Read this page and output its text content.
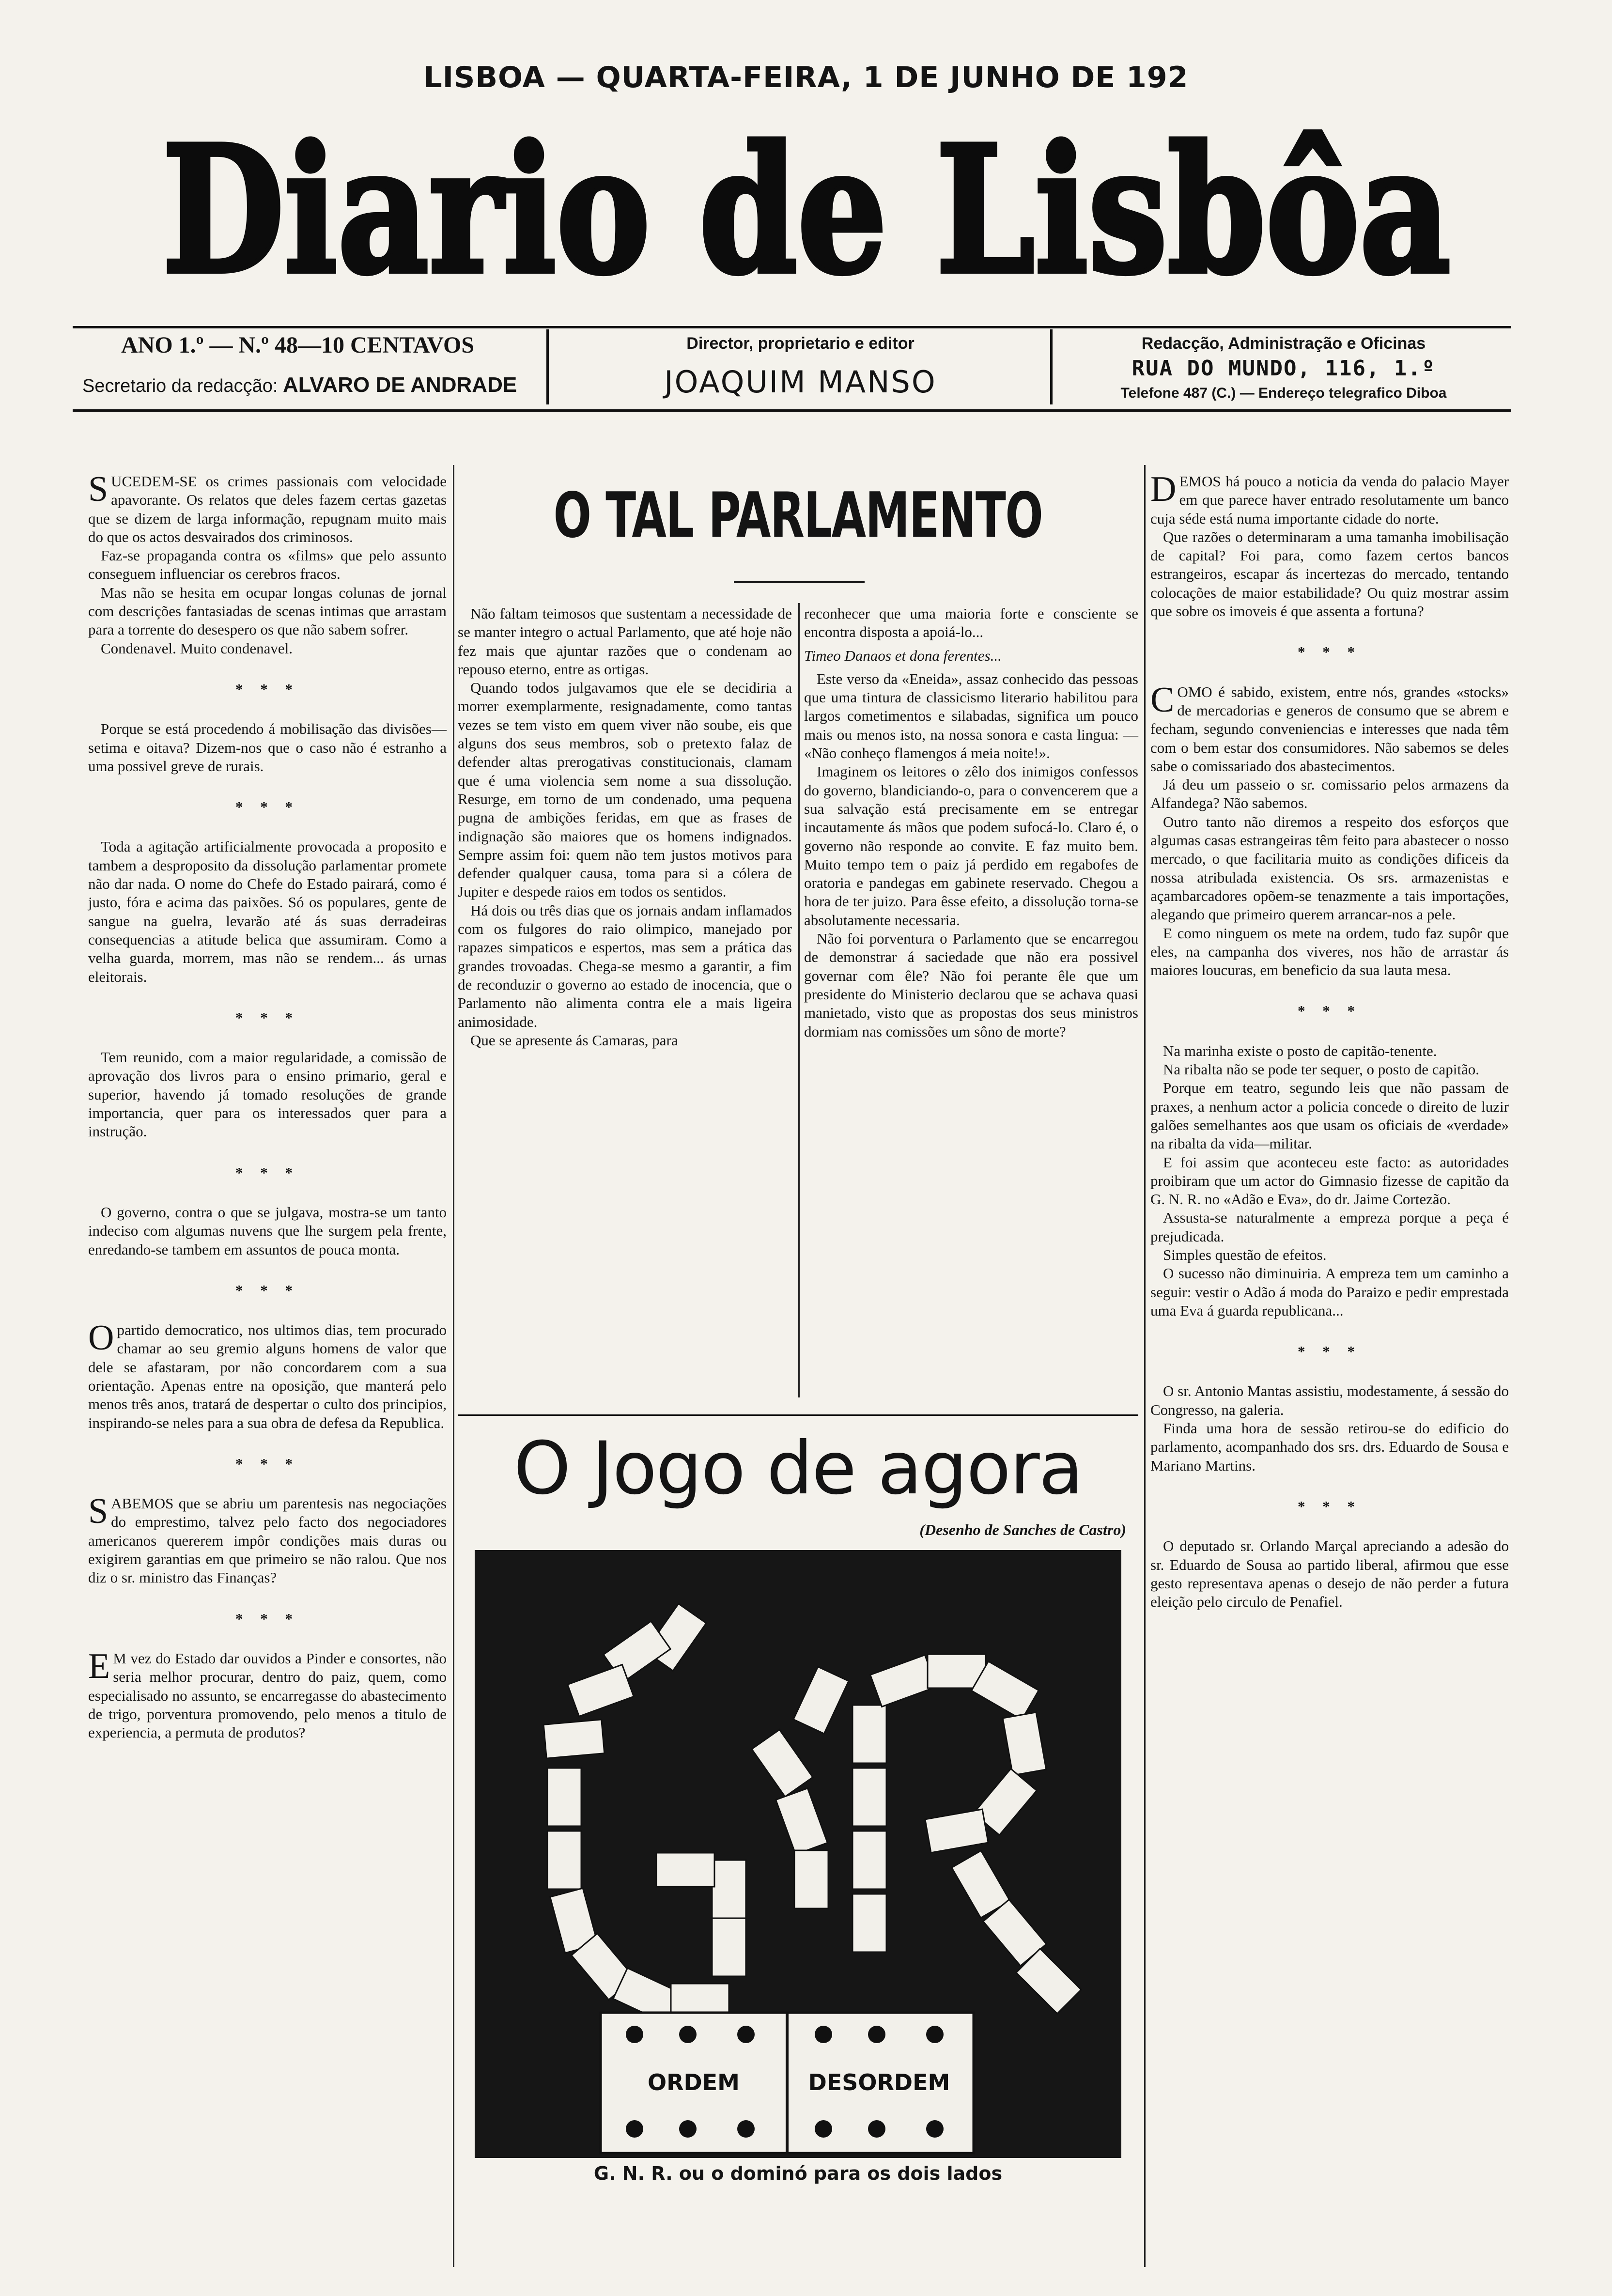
LISBOA — QUARTA-FEIRA, 1 DE JUNHO DE 192
Diario de Lisbôa
ANO 1.º — N.º 48—10 CENTAVOS
Secretario da redacção: ALVARO DE ANDRADE
Director, proprietario e editor
JOAQUIM MANSO
Redacção, Administração e Oficinas
RUA DO MUNDO, 116, 1.º
Telefone 487 (C.) — Endereço telegrafico Diboa

SUCEDEM-SE os crimes passionais com velocidade apavorante. Os relatos que deles fazem certas gazetas que se dizem de larga informação, repugnam muito mais do que os actos desvairados dos criminosos.

Faz-se propaganda contra os «films» que pelo assunto conseguem influenciar os cerebros fracos.

Mas não se hesita em ocupar longas colunas de jornal com descrições fantasiadas de scenas intimas que arrastam para a torrente do desespero os que não sabem sofrer.

Condenavel. Muito condenavel.

* * *

Porque se está procedendo á mobilisação das divisões—setima e oitava? Dizem-nos que o caso não é estranho a uma possivel greve de rurais.

* * *

Toda a agitação artificialmente provocada a proposito e tambem a desproposito da dissolução parlamentar promete não dar nada. O nome do Chefe do Estado pairará, como é justo, fóra e acima das paixões. Só os populares, gente de sangue na guelra, levarão até ás suas derradeiras consequencias a atitude belica que assumiram. Como a velha guarda, morrem, mas não se rendem... ás urnas eleitorais.

* * *

Tem reunido, com a maior regularidade, a comissão de aprovação dos livros para o ensino primario, geral e superior, havendo já tomado resoluções de grande importancia, quer para os interessados quer para a instrução.

* * *

O governo, contra o que se julgava, mostra-se um tanto indeciso com algumas nuvens que lhe surgem pela frente, enredando-se tambem em assuntos de pouca monta.

* * *

Opartido democratico, nos ultimos dias, tem procurado chamar ao seu gremio alguns homens de valor que dele se afastaram, por não concordarem com a sua orientação. Apenas entre na oposição, que manterá pelo menos três anos, tratará de despertar o culto dos principios, inspirando-se neles para a sua obra de defesa da Republica.

* * *

SABEMOS que se abriu um parentesis nas negociações do emprestimo, talvez pelo facto dos negociadores americanos quererem impôr condições mais duras ou exigirem garantias em que primeiro se não ralou. Que nos diz o sr. ministro das Finanças?

* * *

E M vez do Estado dar ouvidos a Pinder e consortes, não seria melhor procurar, dentro do paiz, quem, como especialisado no assunto, se encarregasse do abastecimento de trigo, porventura promovendo, pelo menos a titulo de experiencia, a permuta de produtos?

O TAL PARLAMENTO

Não faltam teimosos que sustentam a necessidade de se manter integro o actual Parlamento, que até hoje não fez mais que ajuntar razões que o condenam ao repouso eterno, entre as ortigas.

Quando todos julgavamos que ele se decidiria a morrer exemplarmente, resignadamente, como tantas vezes se tem visto em quem viver não soube, eis que alguns dos seus membros, sob o pretexto falaz de defender altas prerogativas constitucionais, clamam que é uma violencia sem nome a sua dissolução. Resurge, em torno de um condenado, uma pequena pugna de ambições feridas, em que as frases de indignação são maiores que os homens indignados. Sempre assim foi: quem não tem justos motivos para defender qualquer causa, toma para si a cólera de Jupiter e despede raios em todos os sentidos.

Há dois ou três dias que os jornais andam inflamados com os fulgores do raio olimpico, manejado por rapazes simpaticos e espertos, mas sem a prática das grandes trovoadas. Chega-se mesmo a garantir, a fim de reconduzir o governo ao estado de inocencia, que o Parlamento não alimenta contra ele a mais ligeira animosidade.

Que se apresente ás Camaras, para

reconhecer que uma maioria forte e consciente se encontra disposta a apoiá-lo...

Timeo Danaos et dona ferentes...

Este verso da «Eneida», assaz conhecido das pessoas que uma tintura de classicismo literario habilitou para largos cometimentos e silabadas, significa um pouco mais ou menos isto, na nossa sonora e casta lingua: — «Não conheço flamengos á meia noite!».

Imaginem os leitores o zêlo dos inimigos confessos do governo, blandiciando-o, para o convencerem que a sua salvação está precisamente em se entregar incautamente ás mãos que podem sufocá-lo. Claro é, o governo não responde ao convite. E faz muito bem. Muito tempo tem o paiz já perdido em regabofes de oratoria e pandegas em gabinete reservado. Chegou a hora de ter juizo. Para êsse efeito, a dissolução torna-se absolutamente necessaria.

Não foi porventura o Parlamento que se encarregou de demonstrar á saciedade que não era possivel governar com êle? Não foi perante êle que um presidente do Ministerio declarou que se achava quasi manietado, visto que as propostas dos seus ministros dormiam nas comissões um sôno de morte?

O Jogo de agora
(Desenho de Sanches de Castro)
ORDEM	DESORDEM
G. N. R. ou o dominó para os dois lados

DEMOS há pouco a noticia da venda do palacio Mayer em que parece haver entrado resolutamente um banco cuja séde está numa importante cidade do norte.

Que razões o determinaram a uma tamanha imobilisação de capital? Foi para, como fazem certos bancos estrangeiros, escapar ás incertezas do mercado, tentando colocações de maior estabilidade? Ou quiz mostrar assim que sobre os imoveis é que assenta a fortuna?

* * *

COMO é sabido, existem, entre nós, grandes «stocks» de mercadorias e generos de consumo que se abrem e fecham, segundo conveniencias e interesses que nada têm com o bem estar dos consumidores. Não sabemos se deles sabe o comissariado dos abastecimentos.

Já deu um passeio o sr. comissario pelos armazens da Alfandega? Não sabemos.

Outro tanto não diremos a respeito dos esforços que algumas casas estrangeiras têm feito para abastecer o nosso mercado, o que facilitaria muito as condições dificeis da nossa atribulada existencia. Os srs. armazenistas e açambarcadores opõem-se tenazmente a tais importações, alegando que primeiro querem arrancar-nos a pele.

E como ninguem os mete na ordem, tudo faz supôr que eles, na campanha dos viveres, nos hão de arrastar ás maiores loucuras, em beneficio da sua lauta mesa.

* * *

Na marinha existe o posto de capitão-tenente.

Na ribalta não se pode ter sequer, o posto de capitão.

Porque em teatro, segundo leis que não passam de praxes, a nenhum actor a policia concede o direito de luzir galões semelhantes aos que usam os oficiais de «verdade» na ribalta da vida—militar.

E foi assim que aconteceu este facto: as autoridades proibiram que um actor do Gimnasio fizesse de capitão da G. N. R. no «Adão e Eva», do dr. Jaime Cortezão.

Assusta-se naturalmente a empreza porque a peça é prejudicada.

Simples questão de efeitos.

O sucesso não diminuiria. A empreza tem um caminho a seguir: vestir o Adão á moda do Paraizo e pedir emprestada uma Eva á guarda republicana...

* * *

O sr. Antonio Mantas assistiu, modestamente, á sessão do Congresso, na galeria.

Finda uma hora de sessão retirou-se do edificio do parlamento, acompanhado dos srs. drs. Eduardo de Sousa e Mariano Martins.

* * *

O deputado sr. Orlando Marçal apreciando a adesão do sr. Eduardo de Sousa ao partido liberal, afirmou que esse gesto representava apenas o desejo de não perder a futura eleição pelo circulo de Penafiel.
